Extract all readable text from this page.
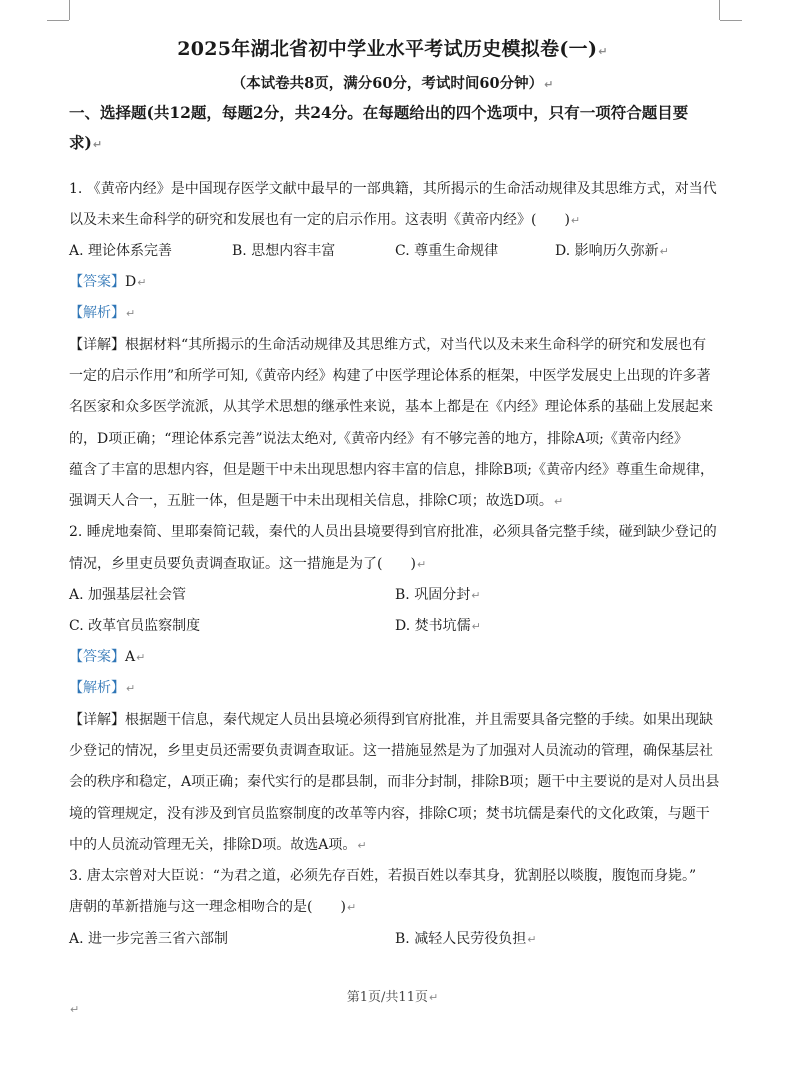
2025年湖北省初中学业水平考试历史模拟卷(一)↵
（本试卷共8页，满分60分，考试时间60分钟）↵
一、选择题(共12题，每题2分，共24分。在每题给出的四个选项中，只有一项符合题目要
求)↵
1. 《黄帝内经》是中国现存医学文献中最早的一部典籍，其所揭示的生命活动规律及其思维方式，对当代
以及未来生命科学的研究和发展也有一定的启示作用。这表明《黄帝内经》(　　)↵
A. 理论体系完善	B. 思想内容丰富	C. 尊重生命规律	D. 影响历久弥新↵
【答案】D↵
【解析】↵
【详解】根据材料“其所揭示的生命活动规律及其思维方式，对当代以及未来生命科学的研究和发展也有
一定的启示作用”和所学可知,《黄帝内经》构建了中医学理论体系的框架，中医学发展史上出现的许多著
名医家和众多医学流派，从其学术思想的继承性来说，基本上都是在《内经》理论体系的基础上发展起来
的，D项正确；“理论体系完善”说法太绝对,《黄帝内经》有不够完善的地方，排除A项;《黄帝内经》
蕴含了丰富的思想内容，但是题干中未出现思想内容丰富的信息，排除B项;《黄帝内经》尊重生命规律，
强调天人合一，五脏一体，但是题干中未出现相关信息，排除C项；故选D项。↵
2. 睡虎地秦简、里耶秦简记载，秦代的人员出县境要得到官府批准，必须具备完整手续，碰到缺少登记的
情况，乡里吏员要负责调查取证。这一措施是为了(　　)↵
A. 加强基层社会管	B. 巩固分封↵
C. 改革官员监察制度	D. 焚书坑儒↵
【答案】A↵
【解析】↵
【详解】根据题干信息，秦代规定人员出县境必须得到官府批准，并且需要具备完整的手续。如果出现缺
少登记的情况，乡里吏员还需要负责调查取证。这一措施显然是为了加强对人员流动的管理，确保基层社
会的秩序和稳定，A项正确；秦代实行的是郡县制，而非分封制，排除B项；题干中主要说的是对人员出县
境的管理规定，没有涉及到官员监察制度的改革等内容，排除C项；焚书坑儒是秦代的文化政策，与题干
中的人员流动管理无关，排除D项。故选A项。↵
3. 唐太宗曾对大臣说：“为君之道，必须先存百姓，若损百姓以奉其身，犹割胫以啖腹，腹饱而身毙。”
唐朝的革新措施与这一理念相吻合的是(　　)↵
A. 进一步完善三省六部制	B. 减轻人民劳役负担↵
第1页/共11页↵
↵
